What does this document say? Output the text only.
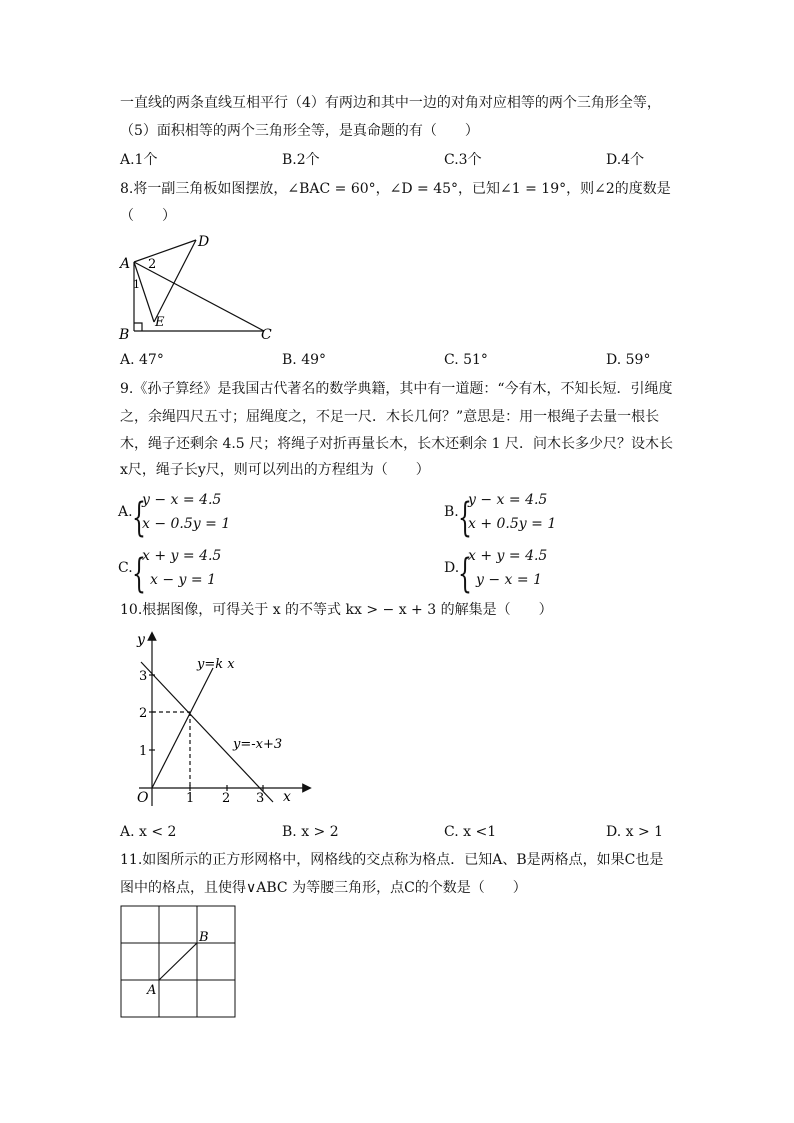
一直线的两条直线互相平行（4）有两边和其中一边的对角对应相等的两个三角形全等，
（5）面积相等的两个三角形全等，是真命题的有（　　）
A.1个	B.2个	C.3个	D.4个
8.将一副三角板如图摆放，∠BAC = 60°，∠D = 45°，已知∠1 = 19°，则∠2的度数是
（　　）
A 2
1
D
E
B	C
A. 47°	B. 49°	C. 51°	D. 59°
9.《孙子算经》是我国古代著名的数学典籍，其中有一道题：“今有木，不知长短．引绳度
之，余绳四尺五寸；屈绳度之，不足一尺．木长几何？”意思是：用一根绳子去量一根长
木，绳子还剩余 4.5 尺；将绳子对折再量长木，长木还剩余 1 尺．问木长多少尺？设木长
x尺，绳子长y尺，则可以列出的方程组为（　　）
A. {
y − x = 4.5
x − 0.5y = 1
B. {
y − x = 4.5
x + 0.5y = 1
C. {
x + y = 4.5
x − y = 1
D.
{
x + y = 4.5
y − x = 1
10.根据图像，可得关于 x 的不等式 kx > − x + 3 的解集是（　　）
y
x
O
y=k x
y=-x+3
1 2 3
1
2
3
A. x < 2	B. x > 2	C. x <1	D. x > 1
11.如图所示的正方形网格中，网格线的交点称为格点．已知A、B是两格点，如果C也是
图中的格点，且使得∨ABC 为等腰三角形，点C的个数是（　　）
B
A
